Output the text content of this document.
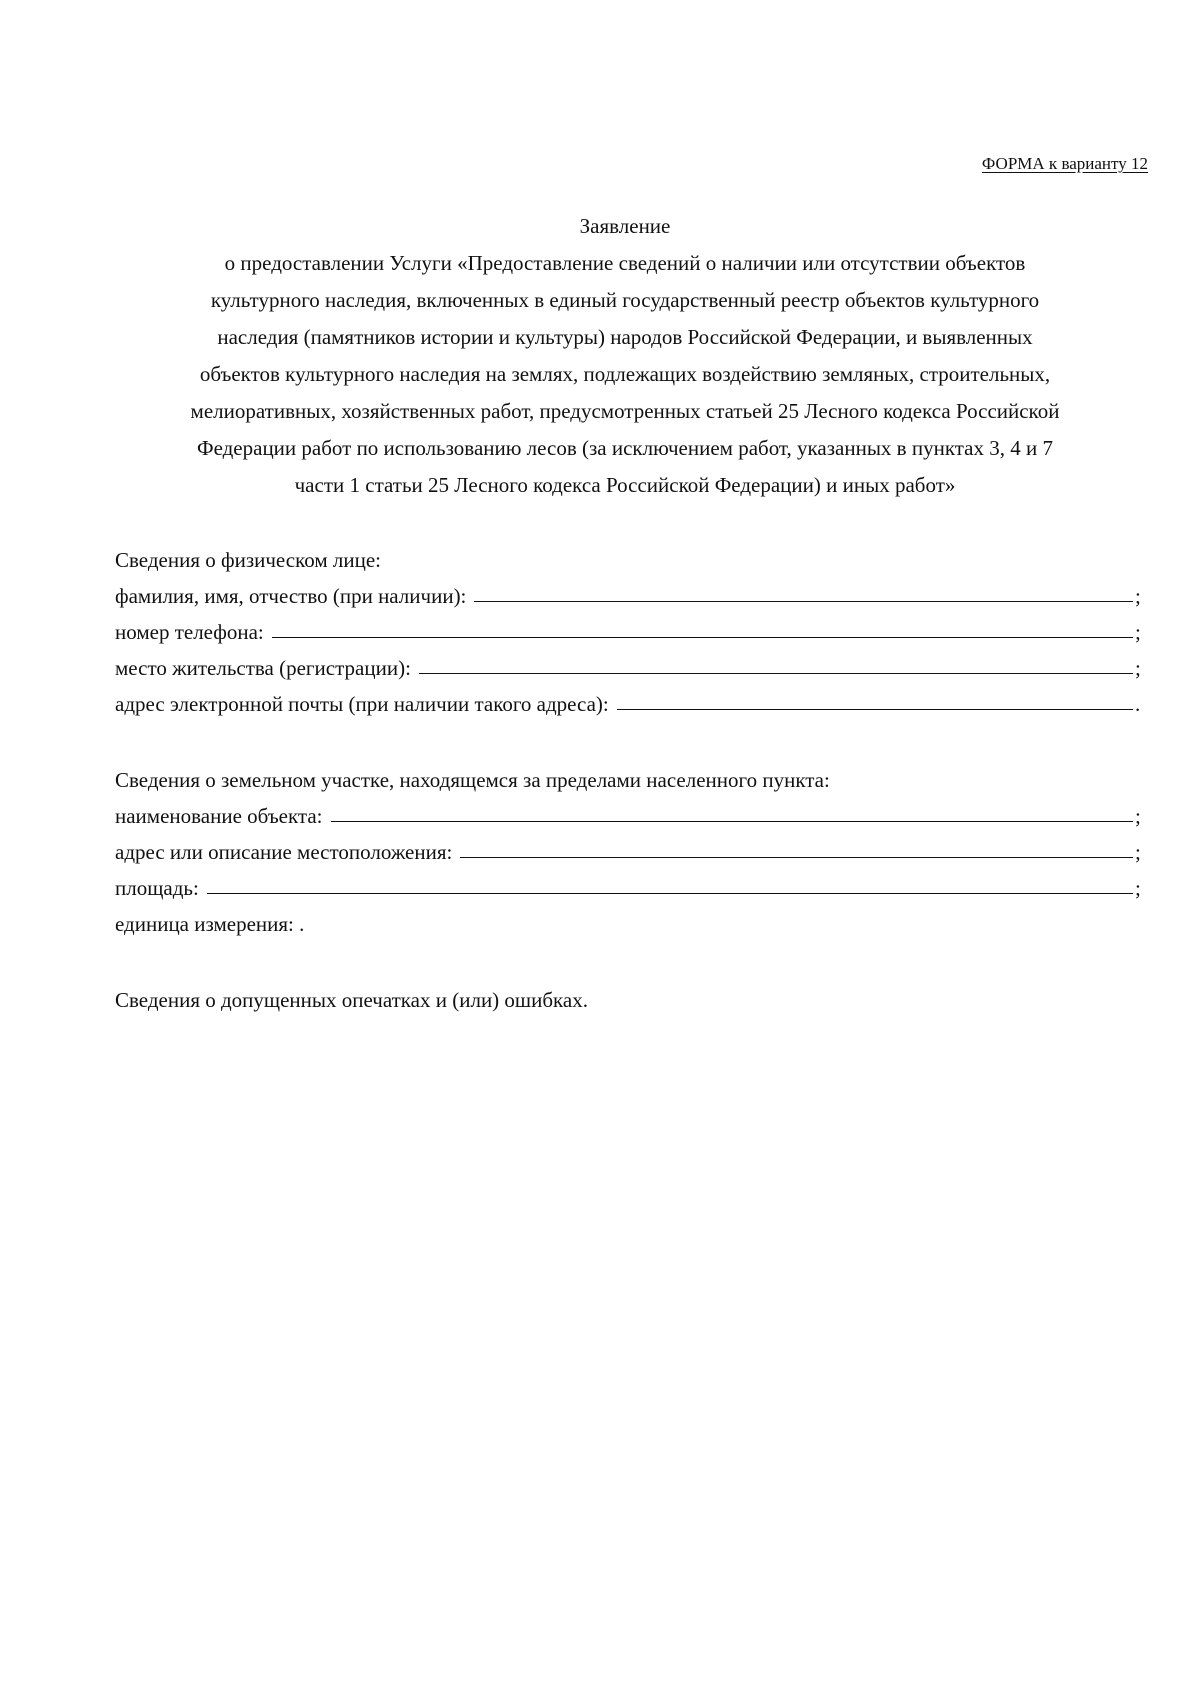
ФОРМА к варианту 12
Заявление
о предоставлении Услуги «Предоставление сведений о наличии или отсутствии объектов
культурного наследия, включенных в единый государственный реестр объектов культурного
наследия (памятников истории и культуры) народов Российской Федерации, и выявленных
объектов культурного наследия на землях, подлежащих воздействию земляных, строительных,
мелиоративных, хозяйственных работ, предусмотренных статьей 25 Лесного кодекса Российской
Федерации работ по использованию лесов (за исключением работ, указанных в пунктах 3, 4 и 7
части 1 статьи 25 Лесного кодекса Российской Федерации) и иных работ»
Сведения о физическом лице:
фамилия, имя, отчество (при наличии):	;
номер телефона:	;
место жительства (регистрации):	;
адрес электронной почты (при наличии такого адреса):	.
Сведения о земельном участке, находящемся за пределами населенного пункта:
наименование объекта:	;
адрес или описание местоположения:	;
площадь:	;
единица измерения: .
Сведения о допущенных опечатках и (или) ошибках.
